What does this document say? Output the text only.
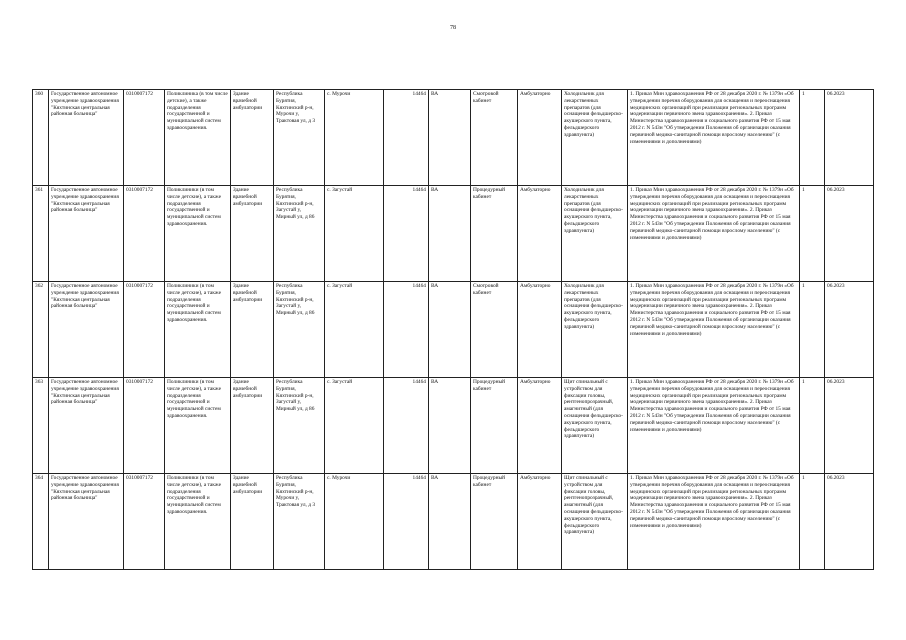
78
360	Государственное автономное учреждение здравоохранения "Кяхтинская центральная районная больница"	0310007172	Поликлиника (в том числе детские), а также подразделения государственной и муниципальной систем здравоохранения.	Здание врачебной амбулатории	Республика Бурятия, Кяхтинский р-н, Мурочи у, Трактовая ул, д 3	с. Мурочи	14464	ВА	Смотровой кабинет	Амбулаторно	Холодильник для лекарственных препаратов (для оснащения фельдшерско-акушерского пункта, фельдшерского здравпункта)	1. Приказ Мин здравоохранения РФ от 28 декабря 2020 г. № 1379н «Об утверждении перечня оборудования для оснащения и переоснащения медицинских организаций при реализации региональных программ модернизации первичного звена здравоохранения». 2. Приказ Министерства здравоохранения и социального развития РФ от 15 мая 2012 г. N 543н "Об утверждении Положения об организации оказания первичной медико-санитарной помощи взрослому населению" (с изменениями и дополнениями)	1	06.2023
361	Государственное автономное учреждение здравоохранения "Кяхтинская центральная районная больница"	0310007172	Поликлиники (в том числе детские), а также подразделения государственной и муниципальной систем здравоохранения.	Здание врачебной амбулатории	Республика Бурятия, Кяхтинский р-н, Загустай у, Мирный ул, д 86	с. Загустай	14464	ВА	Процедурный кабинет	Амбулаторно	Холодильник для лекарственных препаратов (для оснащения фельдшерско-акушерского пункта, фельдшерского здравпункта)	1. Приказ Мин здравоохранения РФ от 28 декабря 2020 г. № 1379н «Об утверждении перечня оборудования для оснащения и переоснащения медицинских организаций при реализации региональных программ модернизации первичного звена здравоохранения». 2. Приказ Министерства здравоохранения и социального развития РФ от 15 мая 2012 г. N 543н "Об утверждении Положения об организации оказания первичной медико-санитарной помощи взрослому населению" (с изменениями и дополнениями)	1	06.2023
362	Государственное автономное учреждение здравоохранения "Кяхтинская центральная районная больница"	0310007172	Поликлиники (в том числе детские), а также подразделения государственной и муниципальной систем здравоохранения.	Здание врачебной амбулатории	Республика Бурятия, Кяхтинский р-н, Загустай у, Мирный ул, д 86	с. Загустай	14464	ВА	Смотровой кабинет	Амбулаторно	Холодильник для лекарственных препаратов (для оснащения фельдшерско-акушерского пункта, фельдшерского здравпункта)	1. Приказ Мин здравоохранения РФ от 28 декабря 2020 г. № 1379н «Об утверждении перечня оборудования для оснащения и переоснащения медицинских организаций при реализации региональных программ модернизации первичного звена здравоохранения». 2. Приказ Министерства здравоохранения и социального развития РФ от 15 мая 2012 г. N 543н "Об утверждении Положения об организации оказания первичной медико-санитарной помощи взрослому населению" (с изменениями и дополнениями)	1	06.2023
363	Государственное автономное учреждение здравоохранения "Кяхтинская центральная районная больница"	0310007172	Поликлиники (в том числе детские), а также подразделения государственной и муниципальной систем здравоохранения.	Здание врачебной амбулатории	Республика Бурятия, Кяхтинский р-н, Загустай у, Мирный ул, д 86	с. Загустай	14464	ВА	Процедурный кабинет	Амбулаторно	Щит спинальный с устройством для фиксации головы, рентгенопрозрачный, амагнитный (для оснащения фельдшерско-акушерского пункта, фельдшерского здравпункта)	1. Приказ Мин здравоохранения РФ от 28 декабря 2020 г. № 1379н «Об утверждении перечня оборудования для оснащения и переоснащения медицинских организаций при реализации региональных программ модернизации первичного звена здравоохранения». 2. Приказ Министерства здравоохранения и социального развития РФ от 15 мая 2012 г. N 543н "Об утверждении Положения об организации оказания первичной медико-санитарной помощи взрослому населению" (с изменениями и дополнениями)	1	06.2023
364	Государственное автономное учреждение здравоохранения "Кяхтинская центральная районная больница"	0310007172	Поликлиники (в том числе детские), а также подразделения государственной и муниципальной систем здравоохранения.	Здание врачебной амбулатории	Республика Бурятия, Кяхтинский р-н, Мурочи у, Трактовая ул, д 3	с. Мурочи	14464	ВА	Процедурный кабинет	Амбулаторно	Щит спинальный с устройством для фиксации головы, рентгенопрозрачный, амагнитный (для оснащения фельдшерско-акушерского пункта, фельдшерского здравпункта)	1. Приказ Мин здравоохранения РФ от 28 декабря 2020 г. № 1379н «Об утверждении перечня оборудования для оснащения и переоснащения медицинских организаций при реализации региональных программ модернизации первичного звена здравоохранения». 2. Приказ Министерства здравоохранения и социального развития РФ от 15 мая 2012 г. N 543н "Об утверждении Положения об организации оказания первичной медико-санитарной помощи взрослому населению" (с изменениями и дополнениями)	1	06.2023
